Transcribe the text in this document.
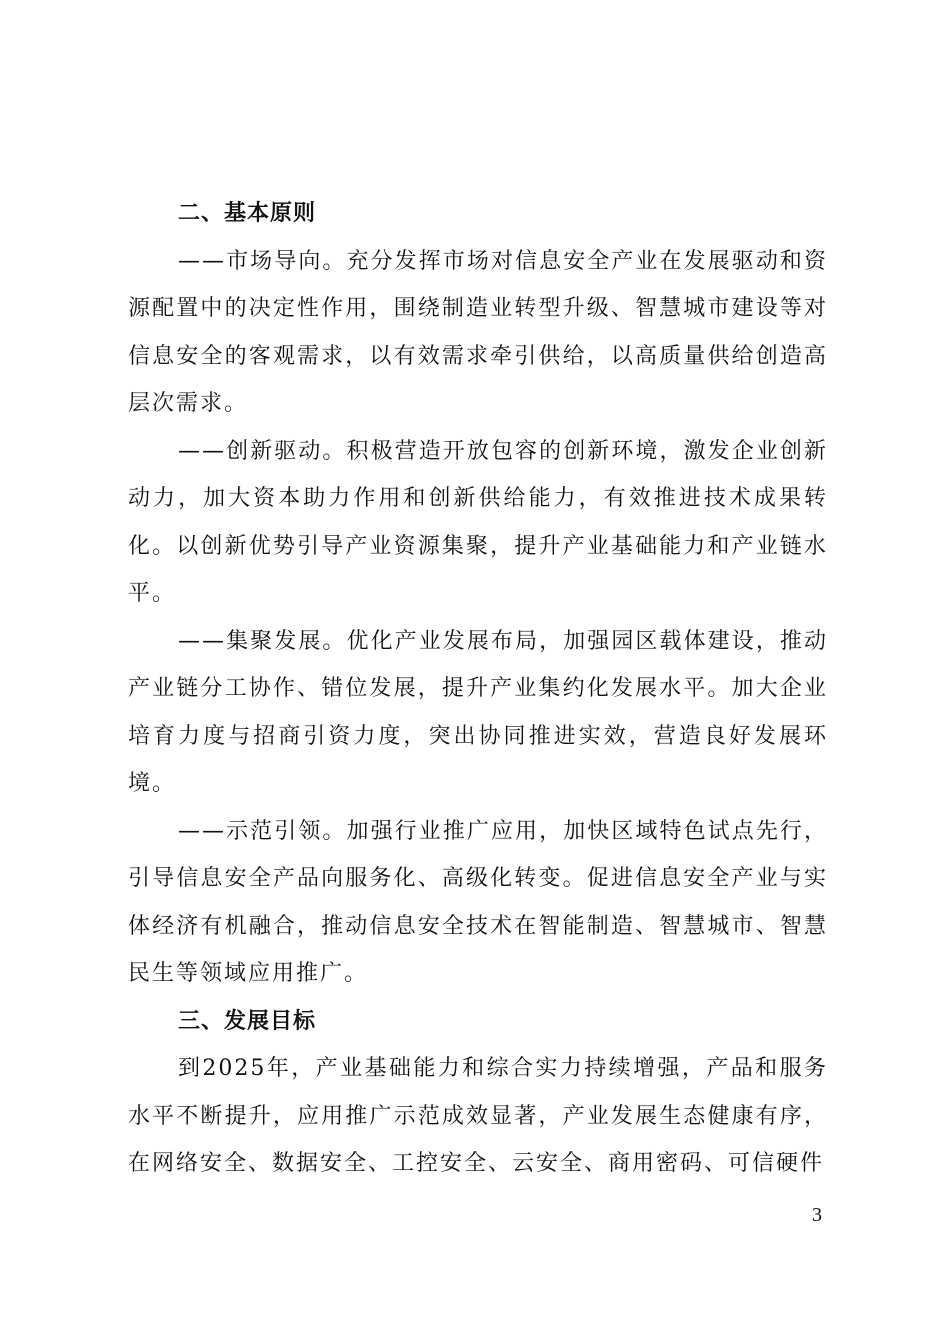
二、基本原则

——市场导向。充分发挥市场对信息安全产业在发展驱动和资源配置中的决定性作用，围绕制造业转型升级、智慧城市建设等对信息安全的客观需求，以有效需求牵引供给，以高质量供给创造高层次需求。

——创新驱动。积极营造开放包容的创新环境，激发企业创新动力，加大资本助力作用和创新供给能力，有效推进技术成果转化。以创新优势引导产业资源集聚，提升产业基础能力和产业链水平。

——集聚发展。优化产业发展布局，加强园区载体建设，推动产业链分工协作、错位发展，提升产业集约化发展水平。加大企业培育力度与招商引资力度，突出协同推进实效，营造良好发展环境。

——示范引领。加强行业推广应用，加快区域特色试点先行，引导信息安全产品向服务化、高级化转变。促进信息安全产业与实体经济有机融合，推动信息安全技术在智能制造、智慧城市、智慧民生等领域应用推广。

三、发展目标

到2025年，产业基础能力和综合实力持续增强，产品和服务水平不断提升，应用推广示范成效显著，产业发展生态健康有序，在网络安全、数据安全、工控安全、云安全、商用密码、可信硬件

3
